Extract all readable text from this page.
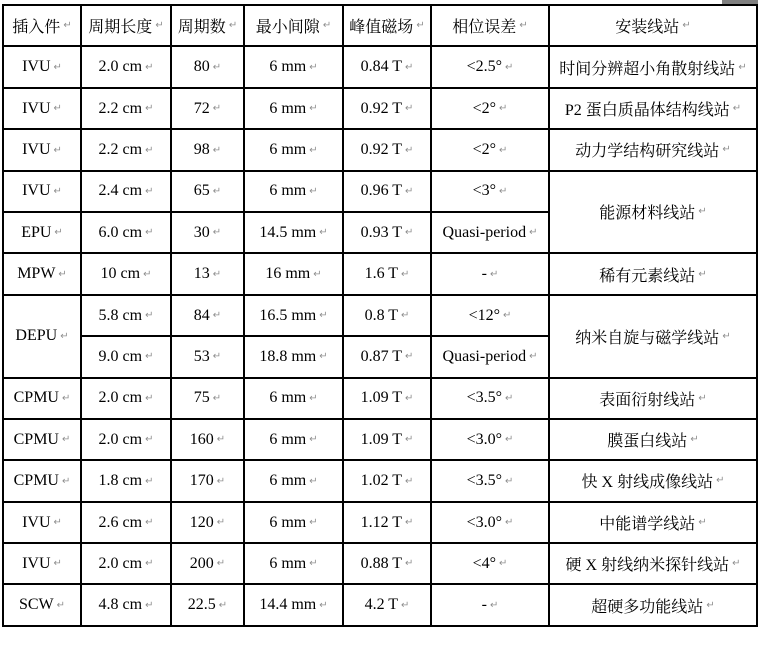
插入件 ↵	周期长度 ↵	周期数 ↵	最小间隙 ↵	峰值磁场 ↵	相位误差 ↵	安装线站 ↵
IVU ↵	2.0 cm ↵	80 ↵	6 mm ↵	0.84 T ↵	<2.5° ↵	时间分辨超小角散射线站 ↵
IVU ↵	2.2 cm ↵	72 ↵	6 mm ↵	0.92 T ↵	<2° ↵	P2 蛋白质晶体结构线站 ↵
IVU ↵	2.2 cm ↵	98 ↵	6 mm ↵	0.92 T ↵	<2° ↵	动力学结构研究线站 ↵
IVU ↵	2.4 cm ↵	65 ↵	6 mm ↵	0.96 T ↵	<3° ↵	能源材料线站 ↵
EPU ↵	6.0 cm ↵	30 ↵	14.5 mm ↵	0.93 T ↵	Quasi-period ↵	
MPW ↵	10 cm ↵	13 ↵	16 mm ↵	1.6 T ↵	- ↵	稀有元素线站 ↵
DEPU ↵	5.8 cm ↵	84 ↵	16.5 mm ↵	0.8 T ↵	<12° ↵	纳米自旋与磁学线站 ↵
	9.0 cm ↵	53 ↵	18.8 mm ↵	0.87 T ↵	Quasi-period ↵	
CPMU ↵	2.0 cm ↵	75 ↵	6 mm ↵	1.09 T ↵	<3.5° ↵	表面衍射线站 ↵
CPMU ↵	2.0 cm ↵	160 ↵	6 mm ↵	1.09 T ↵	<3.0° ↵	膜蛋白线站 ↵
CPMU ↵	1.8 cm ↵	170 ↵	6 mm ↵	1.02 T ↵	<3.5° ↵	快 X 射线成像线站 ↵
IVU ↵	2.6 cm ↵	120 ↵	6 mm ↵	1.12 T ↵	<3.0° ↵	中能谱学线站 ↵
IVU ↵	2.0 cm ↵	200 ↵	6 mm ↵	0.88 T ↵	<4° ↵	硬 X 射线纳米探针线站 ↵
SCW ↵	4.8 cm ↵	22.5 ↵	14.4 mm ↵	4.2 T ↵	- ↵	超硬多功能线站 ↵
